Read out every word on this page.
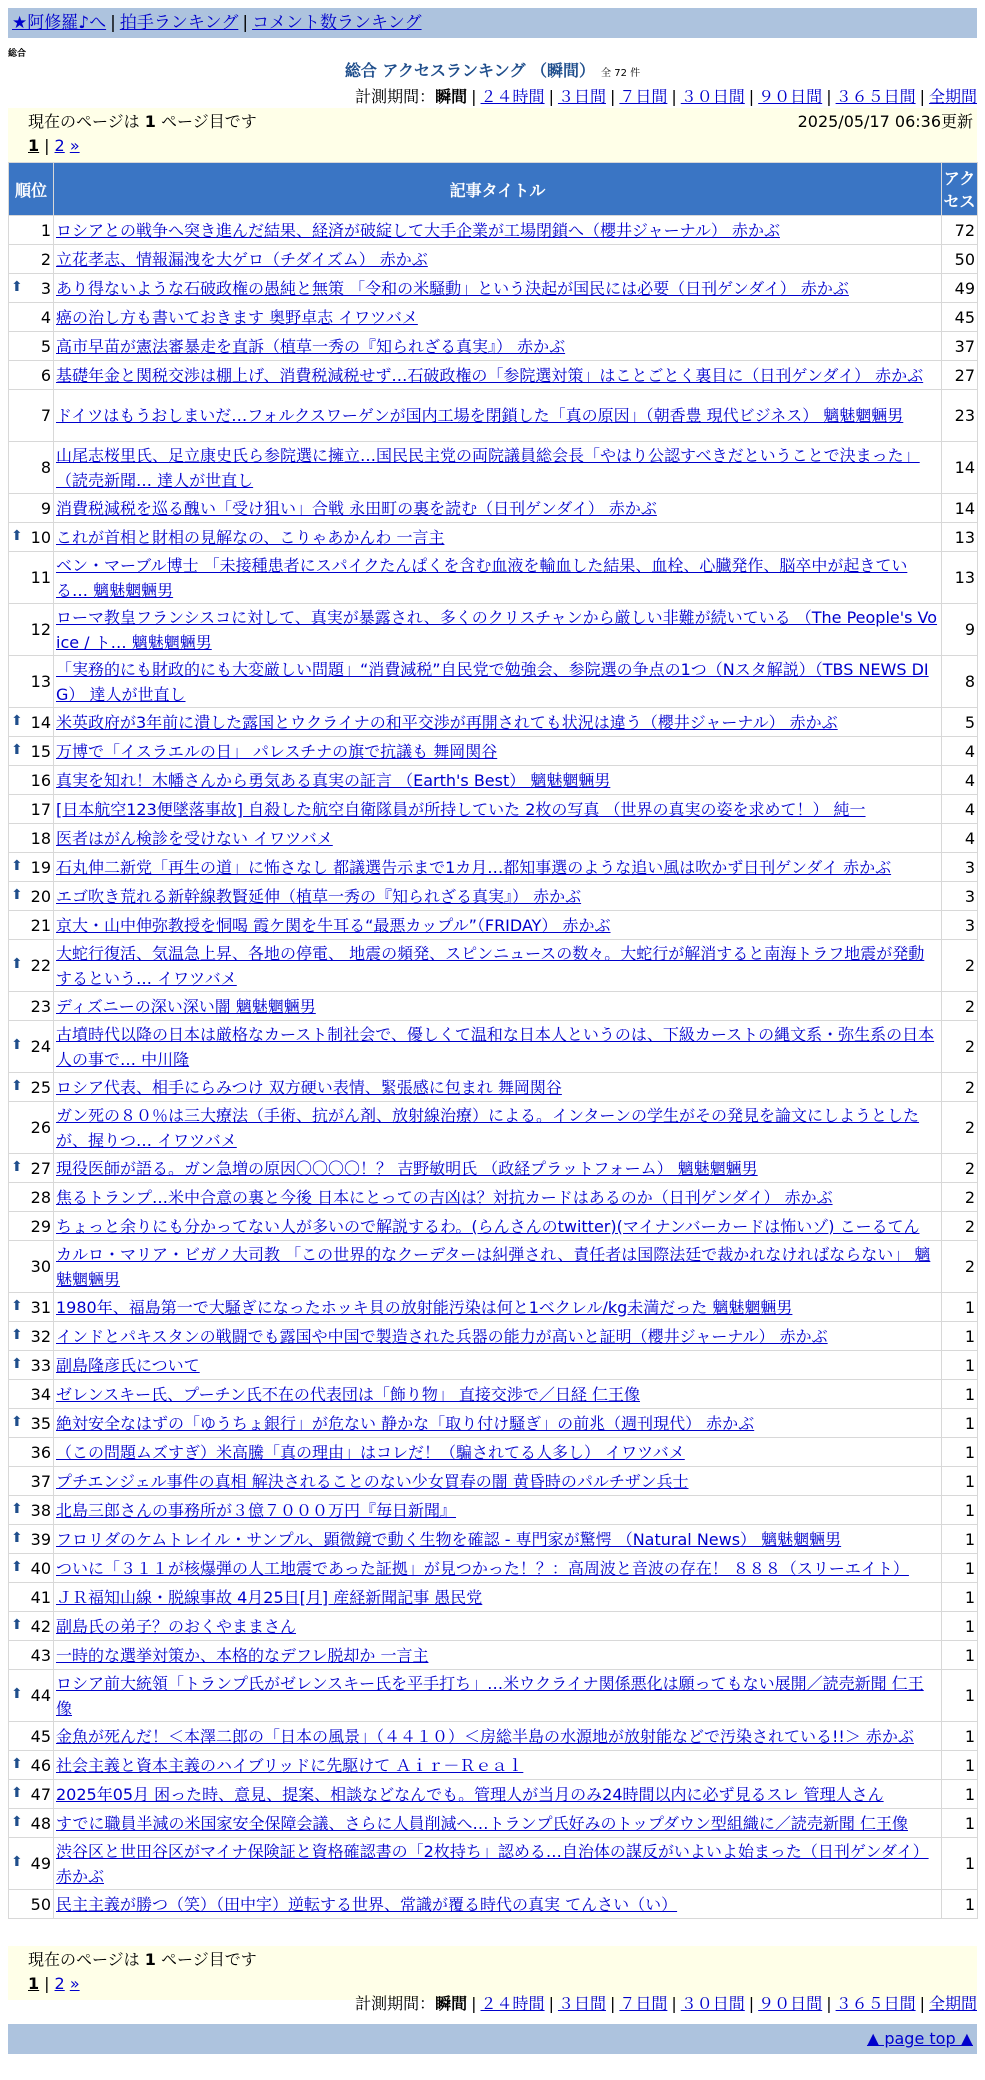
★阿修羅♪へ | 拍手ランキング | コメント数ランキング
総合
総合 アクセスランキング （瞬間） 全 72 件
計測期間：瞬間 | ２４時間 | ３日間 | ７日間 | ３０日間 | ９０日間 | ３６５日間 | 全期間
現在のページは 1 ページ目です	2025/05/17 06:36更新
1 | 2 »
順位	記事タイトル	アクセス
1	ロシアとの戦争へ突き進んだ結果、経済が破綻して大手企業が工場閉鎖へ（櫻井ジャーナル） 赤かぶ	72
2	立花孝志、情報漏洩を大ゲロ（チダイズム） 赤かぶ	50

⬆ 3	あり得ないような石破政権の愚純と無策 「令和の米騒動」という決起が国民には必要（日刊ゲンダイ） 赤かぶ	49
4	癌の治し方も書いておきます 奥野卓志 イワツバメ	45
5	高市早苗が憲法審暴走を直訴（植草一秀の『知られざる真実』） 赤かぶ	37
6	基礎年金と関税交渉は棚上げ、消費税減税せず…石破政権の「参院選対策」はことごとく裏目に（日刊ゲンダイ） 赤かぶ	27
7	ドイツはもうおしまいだ…フォルクスワーゲンが国内工場を閉鎖した「真の原因」（朝香豊 現代ビジネス） 魑魅魍魎男	23
8	山尾志桜里氏、足立康史氏ら参院選に擁立…国民民主党の両院議員総会長「やはり公認すべきだということで決まった」（読売新聞… 達人が世直し	14
9	消費税減税を巡る醜い「受け狙い」合戦 永田町の裏を読む（日刊ゲンダイ） 赤かぶ	14

⬆ 10	これが首相と財相の見解なの、こりゃあかんわ 一言主	13
11	ベン・マーブル博士 「未接種患者にスパイクたんぱくを含む血液を輸血した結果、血栓、心臓発作、脳卒中が起きている… 魑魅魍魎男	13
12	ローマ教皇フランシスコに対して、真実が暴露され、多くのクリスチャンから厳しい非難が続いている （The People's Voice / ト… 魑魅魍魎男	9
13	「実務的にも財政的にも大変厳しい問題」“消費減税”自民党で勉強会、参院選の争点の1つ（Nスタ解説）（TBS NEWS DIG） 達人が世直し	8

⬆ 14	米英政府が3年前に潰した露国とウクライナの和平交渉が再開されても状況は違う（櫻井ジャーナル） 赤かぶ	5

⬆ 15	万博で「イスラエルの日」 パレスチナの旗で抗議も 舞岡関谷	4
16	真実を知れ！木幡さんから勇気ある真実の証言 （Earth's Best） 魑魅魍魎男	4
17	[日本航空123便墜落事故] 自殺した航空自衛隊員が所持していた 2枚の写真 （世界の真実の姿を求めて！） 純一	4
18	医者はがん検診を受けない イワツバメ	4

⬆ 19	石丸伸二新党「再生の道」に怖さなし 都議選告示まで1カ月…都知事選のような追い風は吹かず日刊ゲンダイ 赤かぶ	3

⬆ 20	エゴ吹き荒れる新幹線教賢延伸（植草一秀の『知られざる真実』） 赤かぶ	3
21	京大・山中伸弥教授を恫喝 霞ケ関を牛耳る“最悪カップル”（FRIDAY） 赤かぶ	3

⬆ 22	大蛇行復活、気温急上昇、各地の停電、 地震の頻発、スピンニュースの数々。大蛇行が解消すると南海トラフ地震が発動するという… イワツバメ	2
23	ディズニーの深い深い闇 魑魅魍魎男	2

⬆ 24	古墳時代以降の日本は厳格なカースト制社会で、優しくて温和な日本人というのは、下級カーストの縄文系・弥生系の日本人の事で… 中川隆	2

⬆ 25	ロシア代表、相手にらみつけ 双方硬い表情、緊張感に包まれ 舞岡関谷	2
26	ガン死の８０％は三大療法（手術、抗がん剤、放射線治療）による。インターンの学生がその発見を論文にしようとしたが、握りつ… イワツバメ	2

⬆ 27	現役医師が語る。ガン急増の原因〇〇〇〇！？ 吉野敏明氏 （政経プラットフォーム） 魑魅魍魎男	2
28	焦るトランプ…米中合意の裏と今後 日本にとっての吉凶は？対抗カードはあるのか（日刊ゲンダイ） 赤かぶ	2
29	ちょっと余りにも分かってない人が多いので解説するわ。(らんさんのtwitter)(マイナンバーカードは怖いゾ) こーるてん	2
30	カルロ・マリア・ビガノ大司教 「この世界的なクーデターは糾弾され、責任者は国際法廷で裁かれなければならない」 魑魅魍魎男	2

⬆ 31	1980年、福島第一で大騒ぎになったホッキ貝の放射能汚染は何と1ベクレル/kg未満だった 魑魅魍魎男	1

⬆ 32	インドとパキスタンの戦闘でも露国や中国で製造された兵器の能力が高いと証明（櫻井ジャーナル） 赤かぶ	1

⬆ 33	副島隆彦氏について	1
34	ゼレンスキー氏、プーチン氏不在の代表団は「飾り物」 直接交渉で／日経 仁王像	1

⬆ 35	絶対安全なはずの「ゆうちょ銀行」が危ない 静かな「取り付け騒ぎ」の前兆（週刊現代） 赤かぶ	1
36	（この問題ムズすぎ）米高騰「真の理由」はコレだ！（騙されてる人多し） イワツバメ	1
37	プチエンジェル事件の真相 解決されることのない少女買春の闇 黄昏時のパルチザン兵士	1

⬆ 38	北島三郎さんの事務所が３億７０００万円『毎日新聞』	1

⬆ 39	フロリダのケムトレイル・サンプル、顕微鏡で動く生物を確認 - 専門家が驚愕 （Natural News） 魑魅魍魎男	1

⬆ 40	ついに「３１１が核爆弾の人工地震であった証拠」が見つかった！？：高周波と音波の存在！ ８８８（スリーエイト）	1
41	ＪＲ福知山線・脱線事故 4月25日[月] 産経新聞記事 愚民党	1

⬆ 42	副島氏の弟子？のおくやままさん	1
43	一時的な選挙対策か、本格的なデフレ脱却か 一言主	1

⬆ 44	ロシア前大統領「トランプ氏がゼレンスキー氏を平手打ち」…米ウクライナ関係悪化は願ってもない展開／読売新聞 仁王像	1
45	金魚が死んだ！＜本澤二郎の「日本の風景」（４４１０）＜房総半島の水源地が放射能などで汚染されている!!＞ 赤かぶ	1

⬆ 46	社会主義と資本主義のハイブリッドに先駆けて Ａｉｒ－Ｒｅａｌ	1

⬆ 47	2025年05月 困った時、意見、提案、相談などなんでも。管理人が当月のみ24時間以内に必ず見るスレ 管理人さん	1

⬆ 48	すでに職員半減の米国家安全保障会議、さらに人員削減へ…トランプ氏好みのトップダウン型組織に／読売新聞 仁王像	1

⬆ 49	渋谷区と世田谷区がマイナ保険証と資格確認書の「2枚持ち」認める…自治体の謀反がいよいよ始まった（日刊ゲンダイ） 赤かぶ	1
50	民主主義が勝つ（笑）（田中宇）逆転する世界、常識が覆る時代の真実 てんさい（い）	1
現在のページは 1 ページ目です
1 | 2 »
計測期間：瞬間 | ２４時間 | ３日間 | ７日間 | ３０日間 | ９０日間 | ３６５日間 | 全期間
▲ page top ▲
